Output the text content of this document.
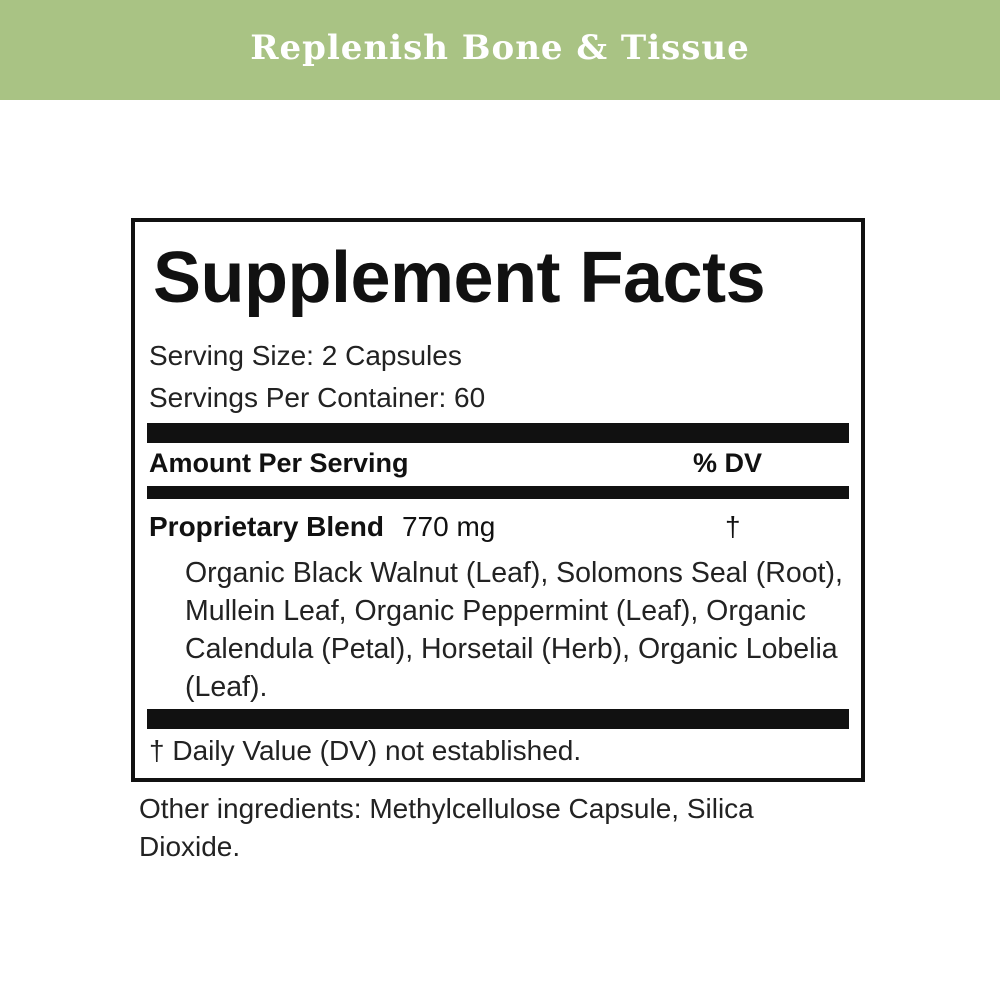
Replenish Bone & Tissue
Supplement Facts
Serving Size: 2 Capsules
Servings Per Container: 60
Amount Per Serving	% DV
Proprietary Blend 770 mg	†
Organic Black Walnut (Leaf), Solomons Seal (Root), Mullein Leaf, Organic Peppermint (Leaf), Organic Calendula (Petal), Horsetail (Herb), Organic Lobelia (Leaf).
† Daily Value (DV) not established.
Other ingredients: Methylcellulose Capsule, Silica Dioxide.
